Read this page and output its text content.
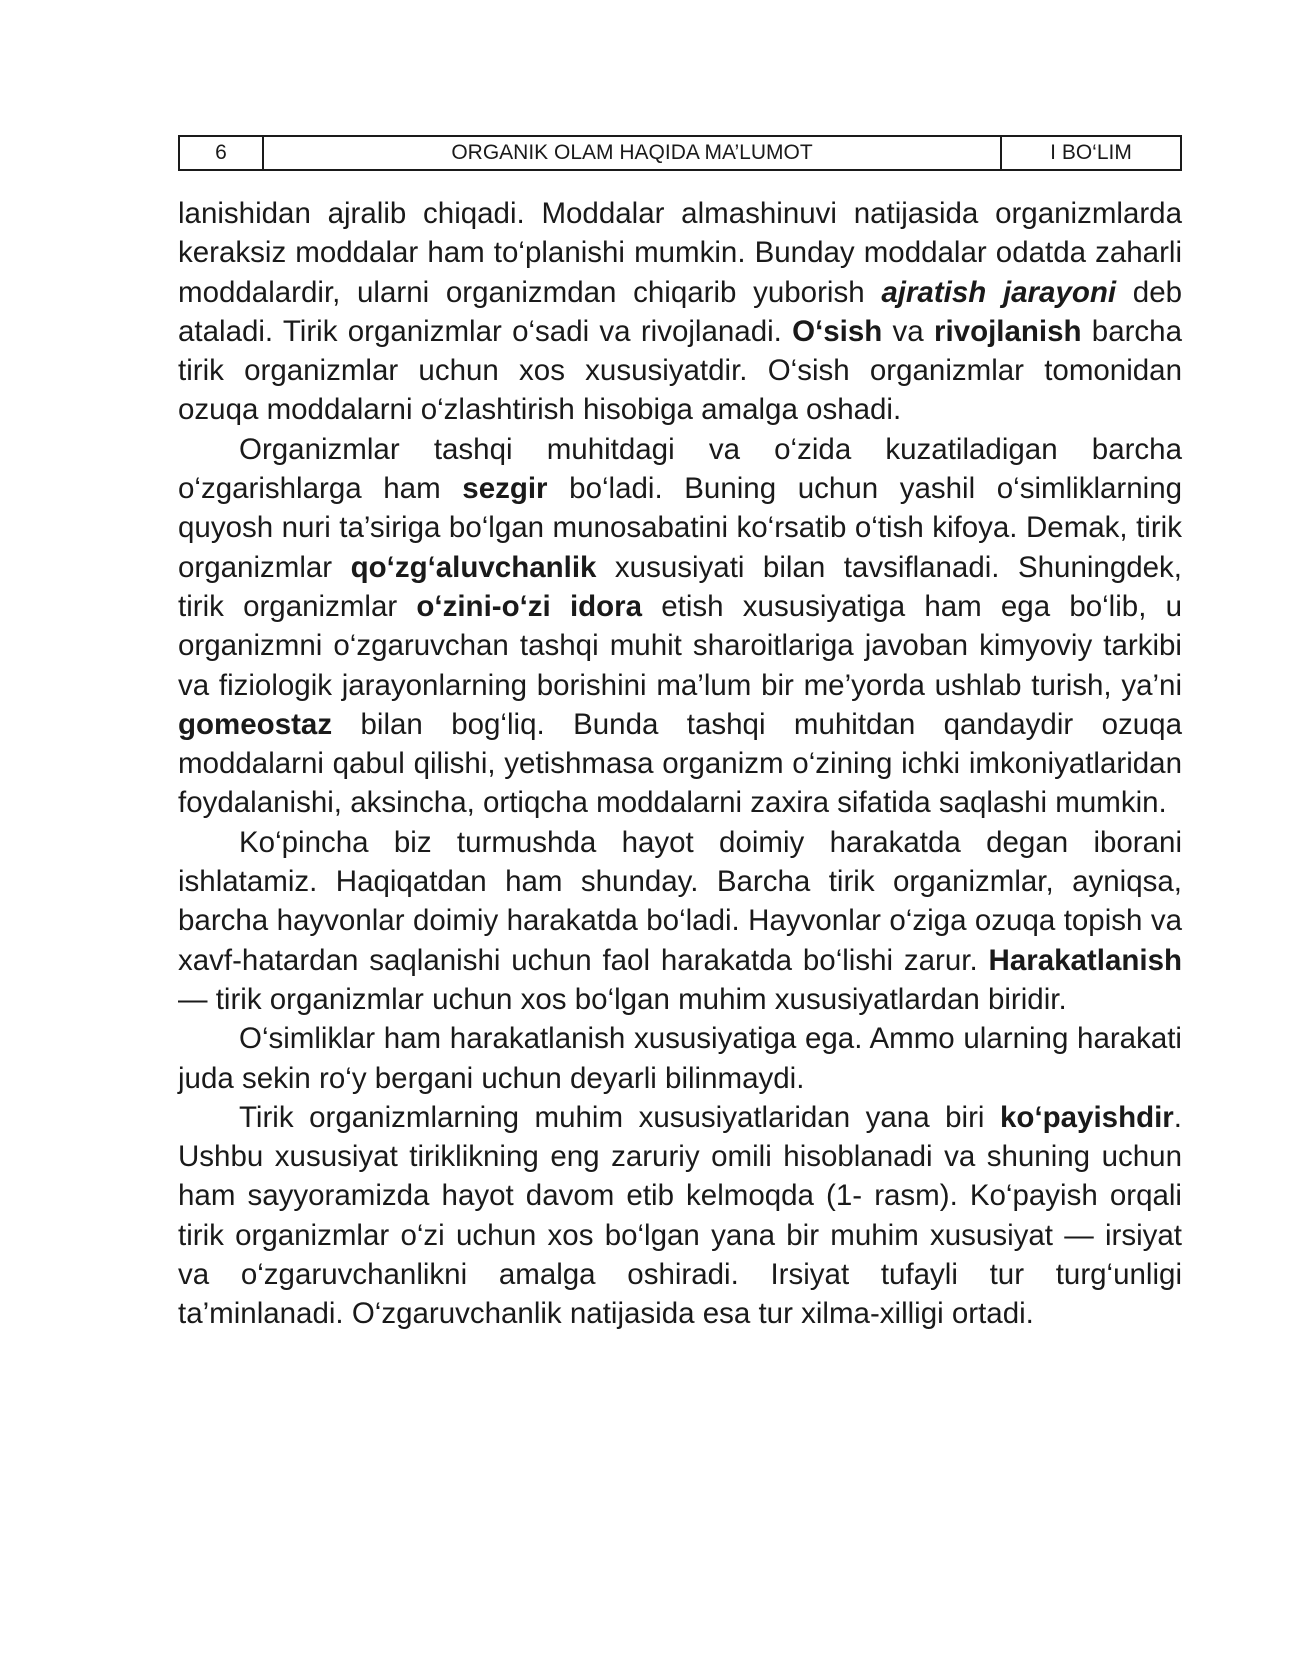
6	ORGANIK OLAM HAQIDA MA’LUMOT	I BO‘LIM

lanishidan ajralib chiqadi. Moddalar almashinuvi natijasida organizmlarda keraksiz moddalar ham to‘planishi mumkin. Bunday moddalar odatda zaharli moddalardir, ularni organizmdan chiqarib yuborish ajratish jarayoni deb ataladi. Tirik organizmlar o‘sadi va rivojlanadi. O‘sish va rivojlanish barcha tirik organizmlar uchun xos xususiyatdir. O‘sish organizmlar tomonidan ozuqa moddalarni o‘zlashtirish hisobiga amalga oshadi.

Organizmlar tashqi muhitdagi va o‘zida kuzatiladigan barcha o‘zgarishlarga ham sezgir bo‘ladi. Buning uchun yashil o‘simliklarning quyosh nuri ta’siriga bo‘lgan munosabatini ko‘rsatib o‘tish kifoya. Demak, tirik organizmlar qo‘zg‘aluvchanlik xususiyati bilan tavsiflanadi. Shuningdek, tirik organizmlar o‘zini-o‘zi idora etish xususiyatiga ham ega bo‘lib, u organizmni o‘zgaruvchan tashqi muhit sharoitlariga javoban kimyoviy tarkibi va fiziologik jarayonlarning borishini ma’lum bir me’yorda ushlab turish, ya’ni gomeostaz bilan bog‘liq. Bunda tashqi muhitdan qandaydir ozuqa moddalarni qabul qilishi, yetishmasa organizm o‘zining ichki imkoniyatlaridan foydalanishi, aksincha, ortiqcha moddalarni zaxira sifatida saqlashi mumkin.

Ko‘pincha biz turmushda hayot doimiy harakatda degan iborani ishlatamiz. Haqiqatdan ham shunday. Barcha tirik organizmlar, ayniqsa, barcha hayvonlar doimiy harakatda bo‘ladi. Hayvonlar o‘ziga ozuqa topish va xavf-hatardan saqlanishi uchun faol harakatda bo‘lishi zarur. Harakatlanish — tirik organizmlar uchun xos bo‘lgan muhim xususiyatlardan biridir.

O‘simliklar ham harakatlanish xususiyatiga ega. Ammo ularning harakati juda sekin ro‘y bergani uchun deyarli bilinmaydi.

Tirik organizmlarning muhim xususiyatlaridan yana biri ko‘payishdir. Ushbu xususiyat tiriklikning eng zaruriy omili hisoblanadi va shuning uchun ham sayyoramizda hayot davom etib kelmoqda (1- rasm). Ko‘payish orqali tirik organizmlar o‘zi uchun xos bo‘lgan yana bir muhim xususiyat — irsiyat va o‘zgaruvchanlikni amalga oshiradi. Irsiyat tufayli tur turg‘unligi ta’minlanadi. O‘zgaruvchanlik natijasida esa tur xilma-xilligi ortadi.
